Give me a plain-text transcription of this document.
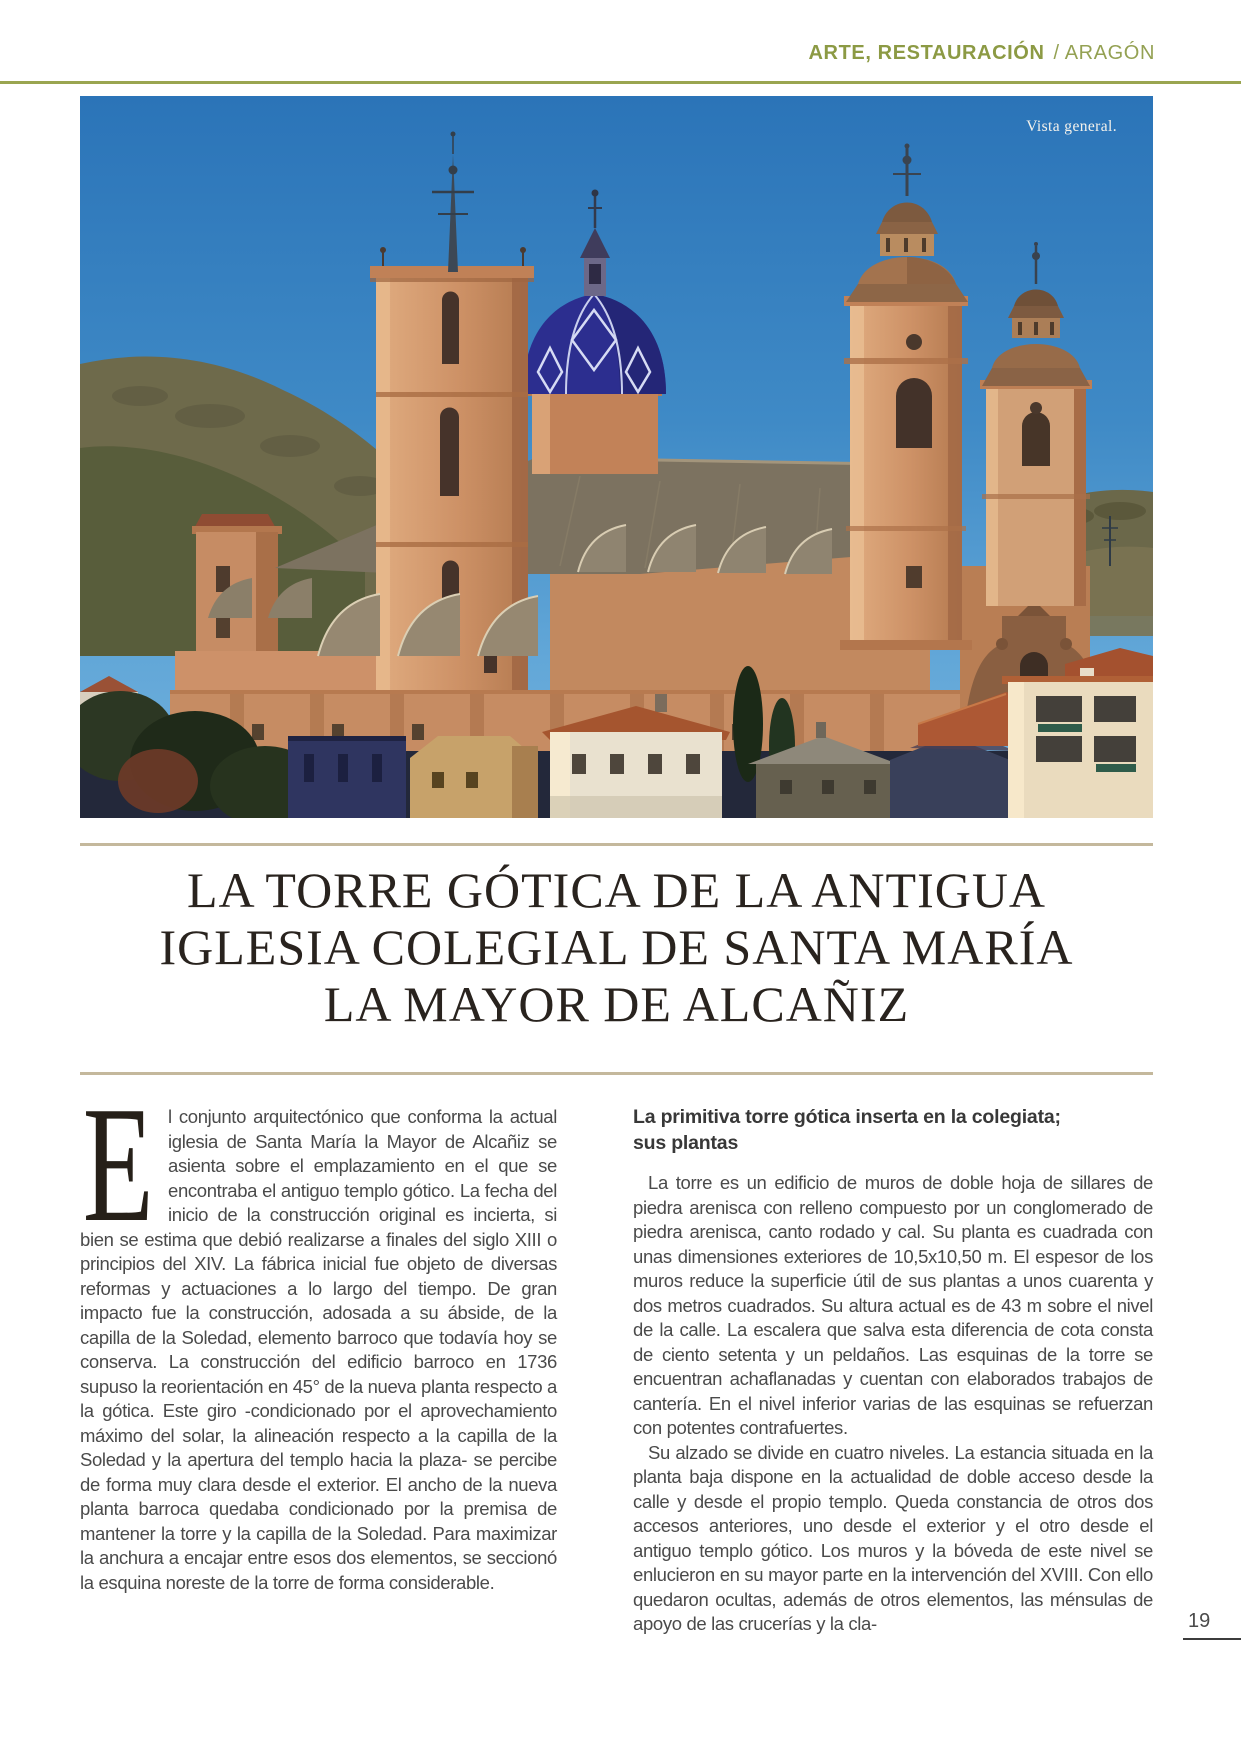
ARTE, RESTAURACIÓN / ARAGÓN
Vista general.
LA TORRE GÓTICA DE LA ANTIGUA
IGLESIA COLEGIAL DE SANTA MARÍA
LA MAYOR DE ALCAÑIZ

E l conjunto arquitectónico que conforma la actual iglesia de Santa María la Mayor de Alcañiz se asienta sobre el emplazamiento en el que se encontraba el antiguo templo gótico. La fecha del inicio de la construcción original es incierta, si bien se estima que debió realizarse a finales del siglo XIII o principios del XIV. La fábrica inicial fue objeto de diversas reformas y actuaciones a lo largo del tiempo. De gran impacto fue la construcción, adosada a su ábside, de la capilla de la Soledad, elemento barroco que todavía hoy se conserva. La construcción del edificio barroco en 1736 supuso la reorientación en 45° de la nueva planta respecto a la gótica. Este giro -condicionado por el aprovechamiento máximo del solar, la alineación respecto a la capilla de la Soledad y la apertura del templo hacia la plaza- se percibe de forma muy clara desde el exterior. El ancho de la nueva planta barroca quedaba condicionado por la premisa de mantener la torre y la capilla de la Soledad. Para maximizar la anchura a encajar entre esos dos elementos, se seccionó la esquina noreste de la torre de forma considerable.

La primitiva torre gótica inserta en la colegiata;
sus plantas

La torre es un edificio de muros de doble hoja de sillares de piedra arenisca con relleno compuesto por un conglomerado de piedra arenisca, canto rodado y cal. Su planta es cuadrada con unas dimensiones exteriores de 10,5x10,50 m. El espesor de los muros reduce la superficie útil de sus plantas a unos cuarenta y dos metros cuadrados. Su altura actual es de 43 m sobre el nivel de la calle. La escalera que salva esta diferencia de cota consta de ciento setenta y un peldaños. Las esquinas de la torre se encuentran achaflanadas y cuentan con elaborados trabajos de cantería. En el nivel inferior varias de las esquinas se refuerzan con potentes contrafuertes.

Su alzado se divide en cuatro niveles. La estancia situada en la planta baja dispone en la actualidad de doble acceso desde la calle y desde el propio templo. Queda constancia de otros dos accesos anteriores, uno desde el exterior y el otro desde el antiguo templo gótico. Los muros y la bóveda de este nivel se enlucieron en su mayor parte en la intervención del XVIII. Con ello quedaron ocultas, además de otros elementos, las ménsulas de apoyo de las crucerías y la cla-	19
